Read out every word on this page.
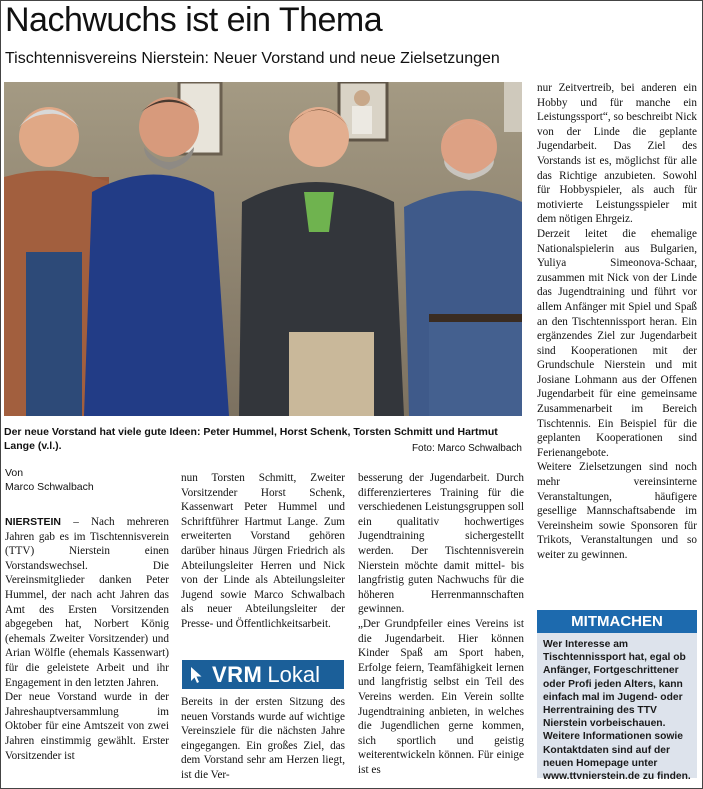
Nachwuchs ist ein Thema
Tischtennisvereins Nierstein: Neuer Vorstand und neue Zielsetzungen
Der neue Vorstand hat viele gute Ideen: Peter Hummel, Horst Schenk, Torsten Schmitt und Hartmut Lange (v.l.).	Foto: Marco Schwalbach
Von
Marco Schwalbach

NIERSTEIN – Nach mehreren Jahren gab es im Tischtennisverein (TTV) Nierstein einen Vorstandswechsel. Die Vereinsmitglieder danken Peter Hummel, der nach acht Jahren das Amt des Ersten Vorsitzenden abgegeben hat, Norbert König (ehemals Zweiter Vorsitzender) und Arian Wölfle (ehemals Kassenwart) für die geleistete Arbeit und ihr Engagement in den letzten Jahren.

Der neue Vorstand wurde in der Jahreshauptversammlung im Oktober für eine Amtszeit von zwei Jahren einstimmig gewählt. Erster Vorsitzender ist

nun Torsten Schmitt, Zweiter Vorsitzender Horst Schenk, Kassenwart Peter Hummel und Schriftführer Hartmut Lange. Zum erweiterten Vorstand gehören darüber hinaus Jürgen Friedrich als Abteilungsleiter Herren und Nick von der Linde als Abteilungsleiter Jugend sowie Marco Schwalbach als neuer Abteilungsleiter der Presse- und Öffentlichkeitsarbeit.

VRM Lokal

Bereits in der ersten Sitzung des neuen Vorstands wurde auf wichtige Vereinsziele für die nächsten Jahre eingegangen. Ein großes Ziel, das dem Vorstand sehr am Herzen liegt, ist die Ver-

besserung der Jugendarbeit. Durch differenzierteres Training für die verschiedenen Leistungsgruppen soll ein qualitativ hochwertiges Jugendtraining sichergestellt werden. Der Tischtennisverein Nierstein möchte damit mittel- bis langfristig guten Nachwuchs für die höheren Herrenmannschaften gewinnen.

„Der Grundpfeiler eines Vereins ist die Jugendarbeit. Hier können Kinder Spaß am Sport haben, Erfolge feiern, Teamfähigkeit lernen und langfristig selbst ein Teil des Vereins werden. Ein Verein sollte Jugendtraining anbieten, in welches die Jugendlichen gerne kommen, sich sportlich und geistig weiterentwickeln können. Für einige ist es

nur Zeitvertreib, bei anderen ein Hobby und für manche ein Leistungssport“, so beschreibt Nick von der Linde die geplante Jugendarbeit. Das Ziel des Vorstands ist es, möglichst für alle das Richtige anzubieten. Sowohl für Hobbyspieler, als auch für motivierte Leistungsspieler mit dem nötigen Ehrgeiz.

Derzeit leitet die ehemalige Nationalspielerin aus Bulgarien, Yuliya Simeonova-Schaar, zusammen mit Nick von der Linde das Jugendtraining und führt vor allem Anfänger mit Spiel und Spaß an den Tischtennissport heran. Ein ergänzendes Ziel zur Jugendarbeit sind Kooperationen mit der Grundschule Nierstein und mit Josiane Lohmann aus der Offenen Jugendarbeit für eine gemeinsame Zusammenarbeit im Bereich Tischtennis. Ein Beispiel für die geplanten Kooperationen sind Ferienangebote.

Weitere Zielsetzungen sind noch mehr vereinsinterne Veranstaltungen, häufigere gesellige Mannschaftsabende im Vereinsheim sowie Sponsoren für Trikots, Veranstaltungen und so weiter zu gewinnen.

MITMACHEN
Wer Interesse am Tischtennissport hat, egal ob Anfänger, Fortgeschrittener oder Profi jeden Alters, kann einfach mal im Jugend- oder Herrentraining des TTV Nierstein vorbeischauen. Weitere Informationen sowie Kontaktdaten sind auf der neuen Homepage unter www.ttvnierstein.de zu finden.
